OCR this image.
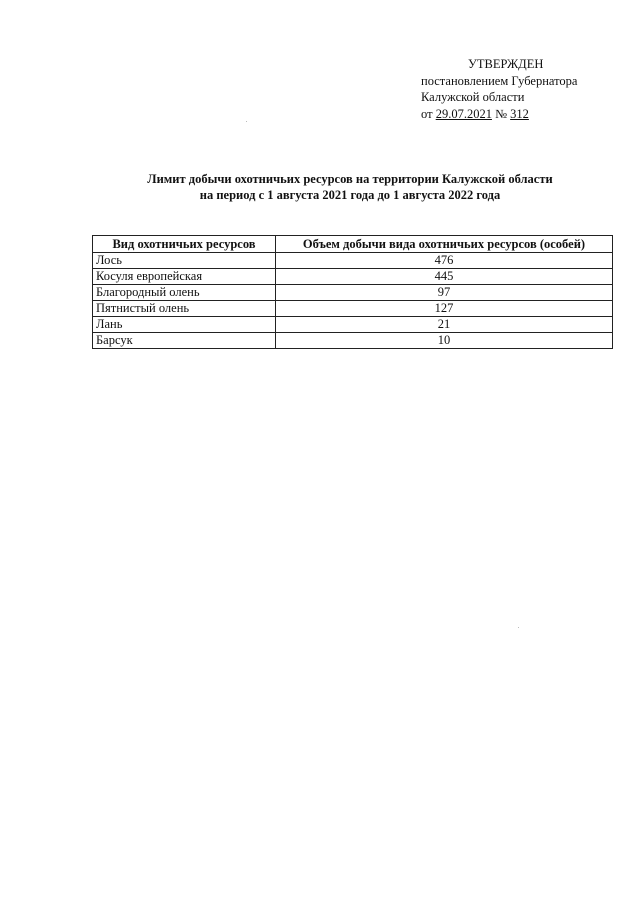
УТВЕРЖДЕН
постановлением Губернатора
Калужской области
от 29.07.2021 № 312
Лимит добычи охотничьих ресурсов на территории Калужской области
на период с 1 августа 2021 года до 1 августа 2022 года
Вид охотничьих ресурсов	Объем добычи вида охотничьих ресурсов (особей)
Лось	476
Косуля европейская	445
Благородный олень	97
Пятнистый олень	127
Лань	21
Барсук	10
